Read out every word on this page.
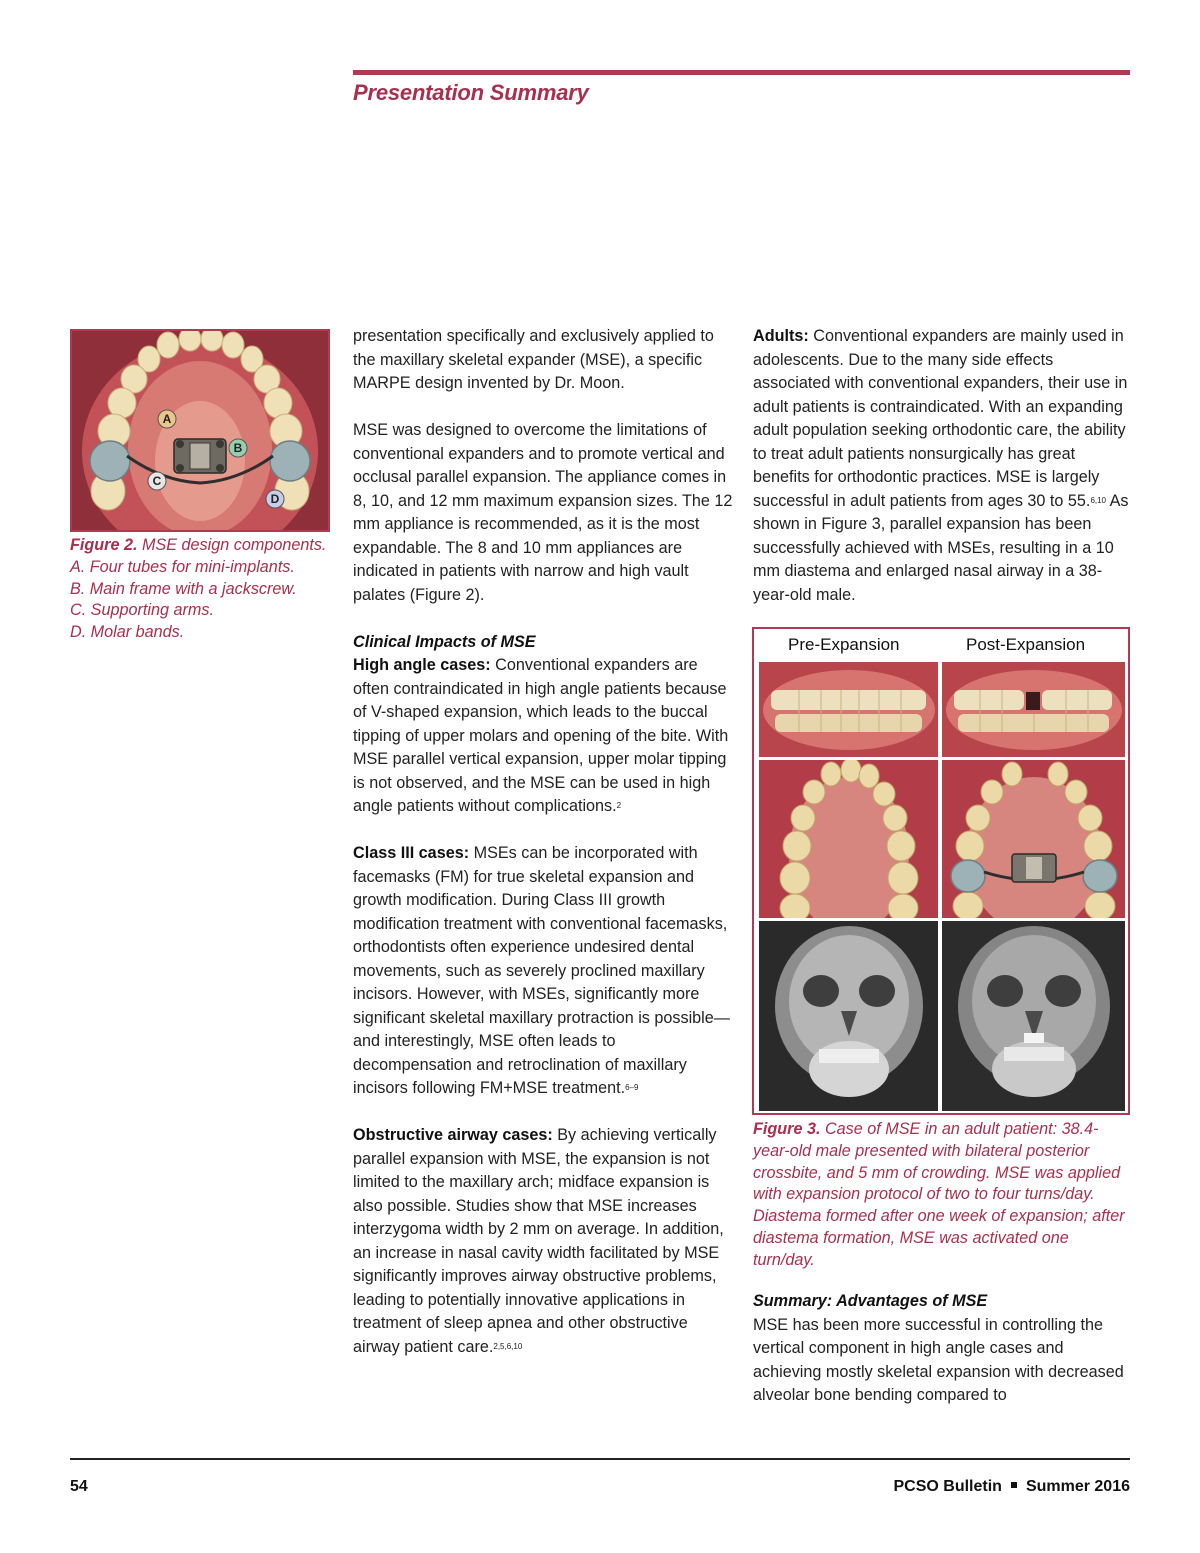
Presentation Summary
A
B
C
D
Figure 2. MSE design components.
A. Four tubes for mini-implants.
B. Main frame with a jackscrew.
C. Supporting arms.
D. Molar bands.

presentation specifically and exclusively applied to the maxillary skeletal expander (MSE), a specific MARPE design invented by Dr. Moon.

MSE was designed to overcome the limitations of conventional expanders and to promote vertical and occlusal parallel expansion. The appliance comes in 8, 10, and 12 mm maximum expansion sizes. The 12 mm appliance is recommended, as it is the most expandable. The 8 and 10 mm appliances are indicated in patients with narrow and high vault palates (Figure 2).

Clinical Impacts of MSE

High angle cases: Conventional expanders are often contraindicated in high angle patients because of V-shaped expansion, which leads to the buccal tipping of upper molars and opening of the bite. With MSE parallel vertical expansion, upper molar tipping is not observed, and the MSE can be used in high angle patients without complications.$^2$

Class III cases: MSEs can be incorporated with facemasks (FM) for true skeletal expansion and growth modification. During Class III growth modification treatment with conventional facemasks, orthodontists often experience undesired dental movements, such as severely proclined maxillary incisors. However, with MSEs, significantly more significant skeletal maxillary protraction is possible—and interestingly, MSE often leads to decompensation and retroclination of maxillary incisors following FM+MSE treatment.$^{6-9}$

Obstructive airway cases: By achieving vertically parallel expansion with MSE, the expansion is not limited to the maxillary arch; midface expansion is also possible. Studies show that MSE increases interzygoma width by 2 mm on average. In addition, an increase in nasal cavity width facilitated by MSE significantly improves airway obstructive problems, leading to potentially innovative applications in treatment of sleep apnea and other obstructive airway patient care.$^{2,5,6,10}$

Adults: Conventional expanders are mainly used in adolescents. Due to the many side effects associated with conventional expanders, their use in adult patients is contraindicated. With an expanding adult population seeking orthodontic care, the ability to treat adult patients nonsurgically has great benefits for orthodontic practices. MSE is largely successful in adult patients from ages 30 to 55.$^{6,10}$ As shown in Figure 3, parallel expansion has been successfully achieved with MSEs, resulting in a 10 mm diastema and enlarged nasal airway in a 38-year-old male.

Pre-Expansion	Post-Expansion
Figure 3. Case of MSE in an adult patient: 38.4-year-old male presented with bilateral posterior crossbite, and 5 mm of crowding. MSE was applied with expansion protocol of two to four turns/day. Diastema formed after one week of expansion; after diastema formation, MSE was activated one turn/day.

Summary: Advantages of MSE

MSE has been more successful in controlling the vertical component in high angle cases and achieving mostly skeletal expansion with decreased alveolar bone bending compared to

54	PCSO Bulletin Summer 2016
